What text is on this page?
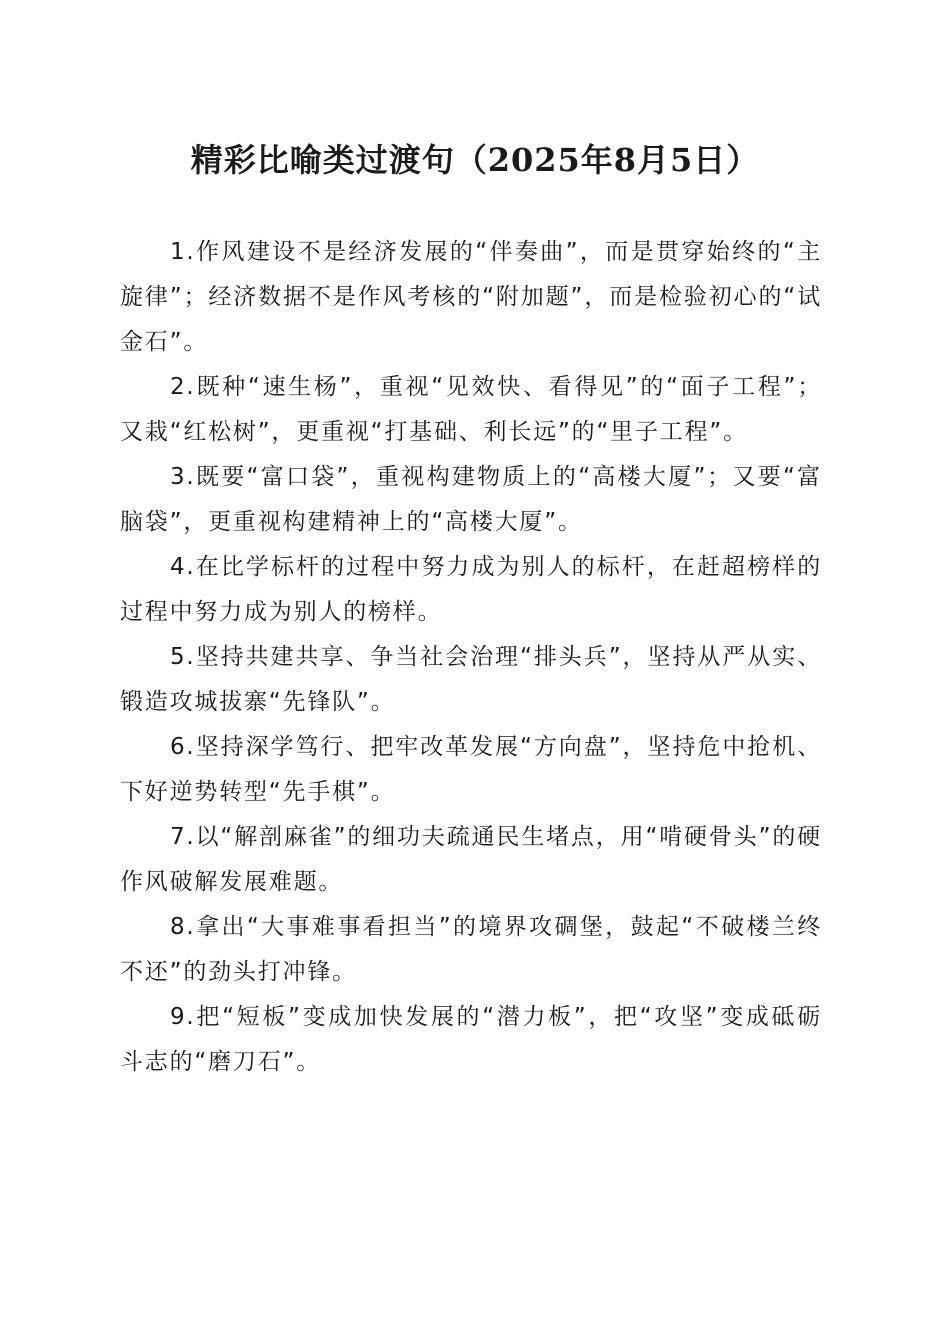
精彩比喻类过渡句（2025年8月5日）

1.作风建设不是经济发展的“伴奏曲”，而是贯穿始终的“主旋律”；经济数据不是作风考核的“附加题”，而是检验初心的“试金石”。

2.既种“速生杨”，重视“见效快、看得见”的“面子工程”；又栽“红松树”，更重视“打基础、利长远”的“里子工程”。

3.既要“富口袋”，重视构建物质上的“高楼大厦”；又要“富脑袋”，更重视构建精神上的“高楼大厦”。

4.在比学标杆的过程中努力成为别人的标杆，在赶超榜样的过程中努力成为别人的榜样。

5.坚持共建共享、争当社会治理“排头兵”，坚持从严从实、锻造攻城拔寨“先锋队”。

6.坚持深学笃行、把牢改革发展“方向盘”，坚持危中抢机、下好逆势转型“先手棋”。

7.以“解剖麻雀”的细功夫疏通民生堵点，用“啃硬骨头”的硬作风破解发展难题。

8.拿出“大事难事看担当”的境界攻碉堡，鼓起“不破楼兰终不还”的劲头打冲锋。

9.把“短板”变成加快发展的“潜力板”，把“攻坚”变成砥砺斗志的“磨刀石”。
